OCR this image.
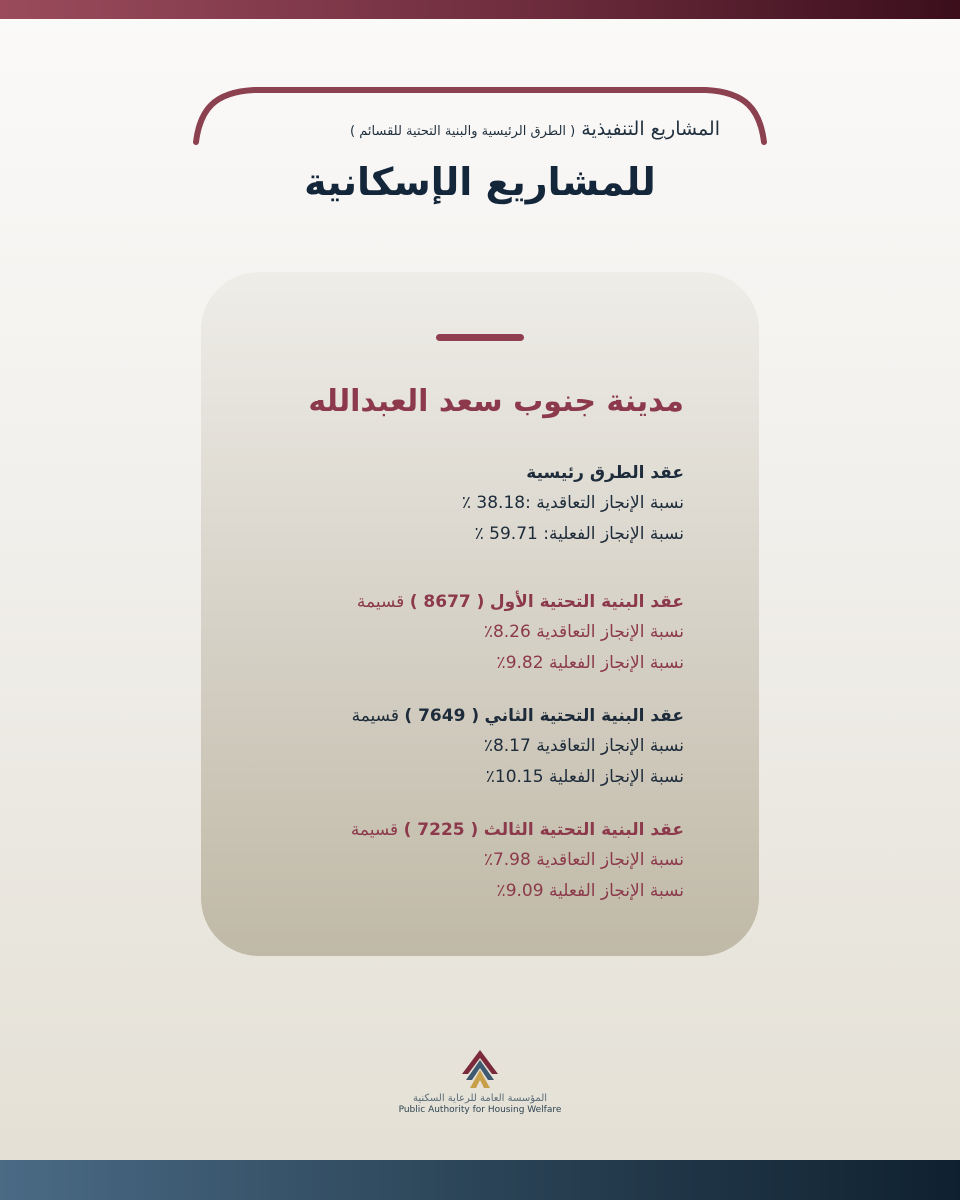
المشاريع التنفيذية ( الطرق الرئيسية والبنية التحتية للقسائم )
للمشاريع الإسكانية
مدينة جنوب سعد العبدالله
عقد الطرق رئيسية
نسبة الإنجاز التعاقدية :38.18 ٪
نسبة الإنجاز الفعلية: 59.71 ٪
عقد البنية التحتية الأول ( 8677 ) قسيمة
نسبة الإنجاز التعاقدية 8.26٪
نسبة الإنجاز الفعلية 9.82٪
عقد البنية التحتية الثاني ( 7649 ) قسيمة
نسبة الإنجاز التعاقدية 8.17٪
نسبة الإنجاز الفعلية 10.15٪
عقد البنية التحتية الثالث ( 7225 ) قسيمة
نسبة الإنجاز التعاقدية 7.98٪
نسبة الإنجاز الفعلية 9.09٪
المؤسسة العامة للرعاية السكنية
Public Authority for Housing Welfare
